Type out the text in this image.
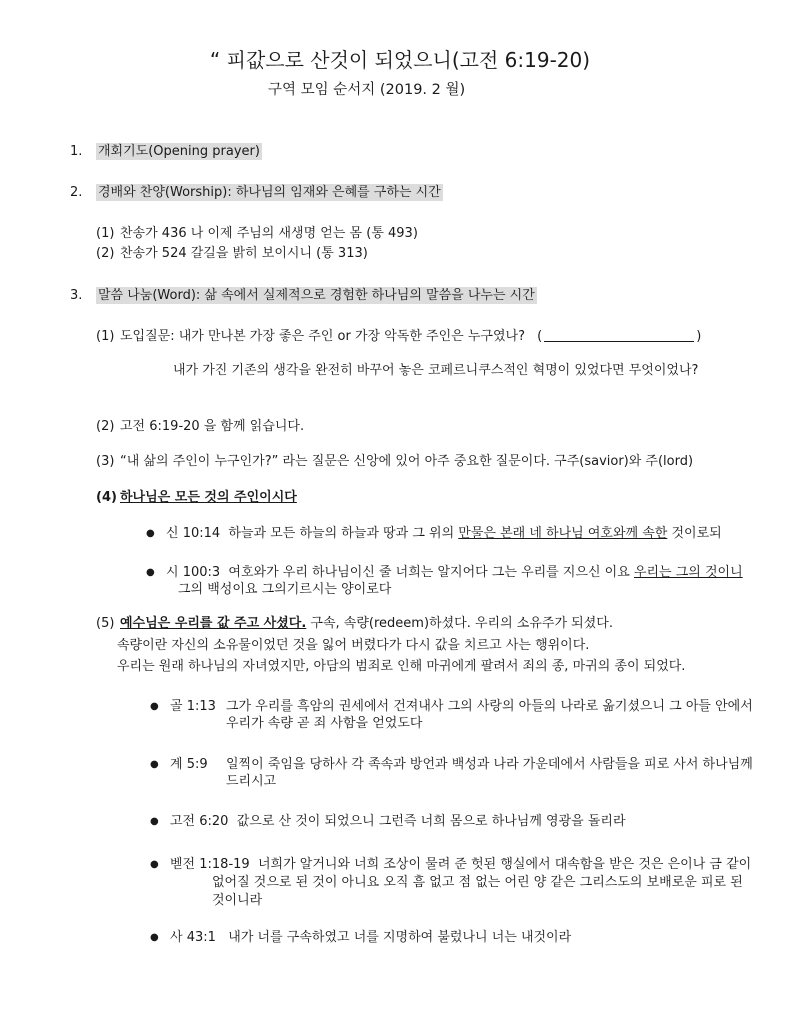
“ 피값으로 산것이 되었으니(고전 6:19-20)
구역 모임 순서지 (2019. 2 월)
1. 개회기도(Opening prayer)
2. 경배와 찬양(Worship): 하나님의 임재와 은혜를 구하는 시간
(1) 찬송가 436 나 이제 주님의 새생명 얻는 몸 (통 493)
(2) 찬송가 524 갈길을 밝히 보이시니 (통 313)
3. 말씀 나눔(Word): 삶 속에서 실제적으로 경험한 하나님의 말씀을 나누는 시간
(1) 도입질문: 내가 만나본 가장 좋은 주인 or 가장 악독한 주인은 누구였나? (	)
내가 가진 기존의 생각을 완전히 바꾸어 놓은 코페르니쿠스적인 혁명이 있었다면 무엇이었나?
(2) 고전 6:19-20 을 함께 읽습니다.
(3) “내 삶의 주인이 누구인가?” 라는 질문은 신앙에 있어 아주 중요한 질문이다. 구주(savior)와 주(lord)
(4) 하나님은 모든 것의 주인이시다
● 신 10:14 하늘과 모든 하늘의 하늘과 땅과 그 위의 만물은 본래 네 하나님 여호와께 속한 것이로되
● 시 100:3 여호와가 우리 하나님이신 줄 너희는 알지어다 그는 우리를 지으신 이요 우리는 그의 것이니
그의 백성이요 그의기르시는 양이로다
(5) 예수님은 우리를 값 주고 사셨다. 구속, 속량(redeem)하셨다. 우리의 소유주가 되셨다.
속량이란 자신의 소유물이었던 것을 잃어 버렸다가 다시 값을 치르고 사는 행위이다.
우리는 원래 하나님의 자녀였지만, 아담의 범죄로 인해 마귀에게 팔려서 죄의 종, 마귀의 종이 되었다.
● 골 1:13 그가 우리를 흑암의 권세에서 건져내사 그의 사랑의 아들의 나라로 옮기셨으니 그 아들 안에서
우리가 속량 곧 죄 사함을 얻었도다
● 계 5:9 일찍이 죽임을 당하사 각 족속과 방언과 백성과 나라 가운데에서 사람들을 피로 사서 하나님께
드리시고
● 고전 6:20 값으로 산 것이 되었으니 그런즉 너희 몸으로 하나님께 영광을 돌리라
● 벧전 1:18-19 너희가 알거니와 너희 조상이 물려 준 헛된 행실에서 대속함을 받은 것은 은이나 금 같이
없어질 것으로 된 것이 아니요 오직 흠 없고 점 없는 어린 양 같은 그리스도의 보배로운 피로 된
것이니라
● 사 43:1 내가 너를 구속하였고 너를 지명하여 불렀나니 너는 내것이라
